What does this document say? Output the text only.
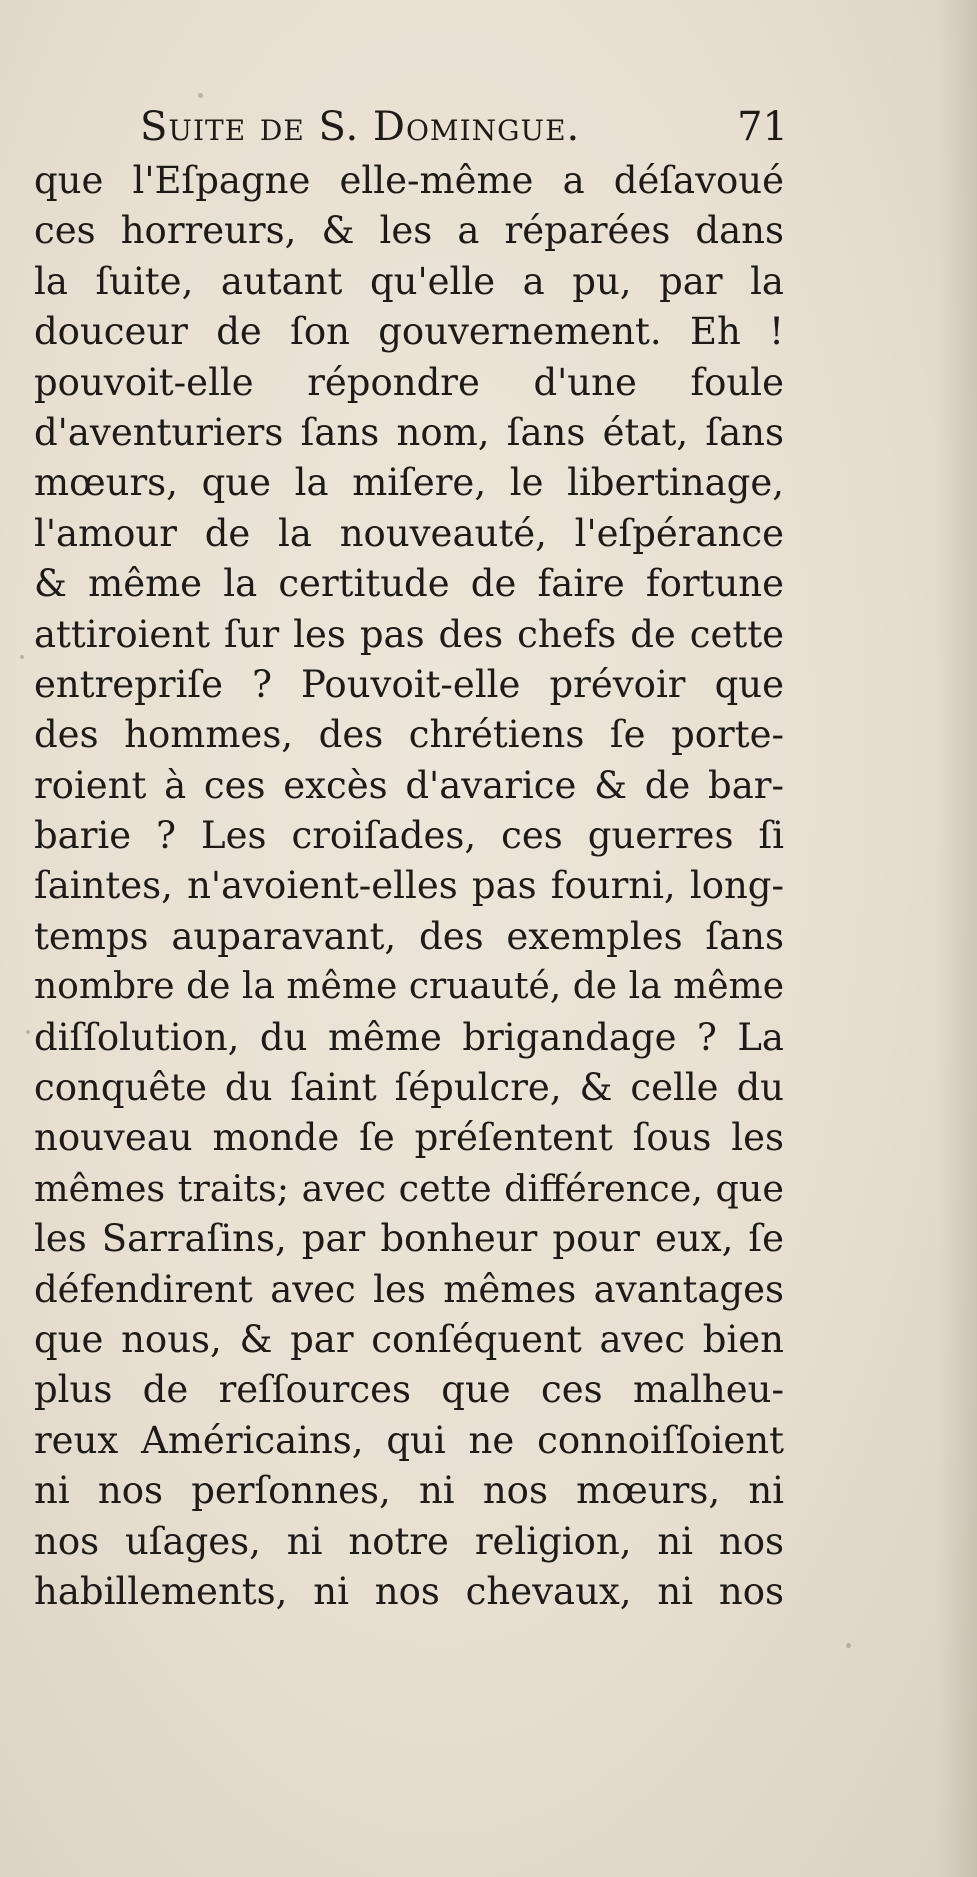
Suite de S. Domingue.	71
que l'Eſpagne elle-même a déſavoué
ces horreurs, & les a réparées dans
la ſuite, autant qu'elle a pu, par la
douceur de ſon gouvernement. Eh !
pouvoit-elle répondre d'une foule
d'aventuriers ſans nom, ſans état, ſans
mœurs, que la miſere, le libertinage,
l'amour de la nouveauté, l'eſpérance
& même la certitude de faire fortune
attiroient ſur les pas des chefs de cette
entrepriſe ? Pouvoit-elle prévoir que
des hommes, des chrétiens ſe porte-
roient à ces excès d'avarice & de bar-
barie ? Les croiſades, ces guerres ſi
ſaintes, n'avoient-elles pas fourni, long-
temps auparavant, des exemples ſans
nombre de la même cruauté, de la même
diſſolution, du même brigandage ? La
conquête du ſaint ſépulcre, & celle du
nouveau monde ſe préſentent ſous les
mêmes traits; avec cette différence, que
les Sarraſins, par bonheur pour eux, ſe
défendirent avec les mêmes avantages
que nous, & par conſéquent avec bien
plus de reſſources que ces malheu-
reux Américains, qui ne connoiſſoient
ni nos perſonnes, ni nos mœurs, ni
nos uſages, ni notre religion, ni nos
habillements, ni nos chevaux, ni nos
